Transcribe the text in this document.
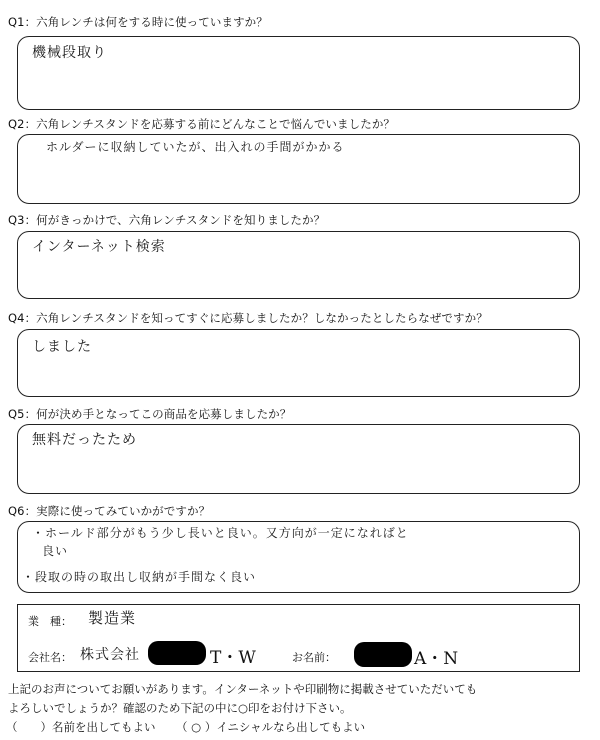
Q1：六角レンチは何をする時に使っていますか？
機械段取り
Q2：六角レンチスタンドを応募する前にどんなことで悩んでいましたか？
ホルダーに収納していたが、出入れの手間がかかる
Q3：何がきっかけで、六角レンチスタンドを知りましたか？
インターネット検索
Q4：六角レンチスタンドを知ってすぐに応募しましたか？しなかったとしたらなぜですか？
しました
Q5：何が決め手となってこの商品を応募しましたか？
無料だったため
Q6：実際に使ってみていかがですか？
・ホールド部分がもう少し長いと良い。又方向が一定になればと
良い
・段取の時の取出し収納が手間なく良い
業　種： 製造業
会社名： 株式会社	T・W	お名前：	A・N
上記のお声についてお願いがあります。インターネットや印刷物に掲載させていただいても
よろしいでしょうか？確認のため下記の中に○印をお付け下さい。
（　　）名前を出してもよい （ ○ ）イニシャルなら出してもよい
